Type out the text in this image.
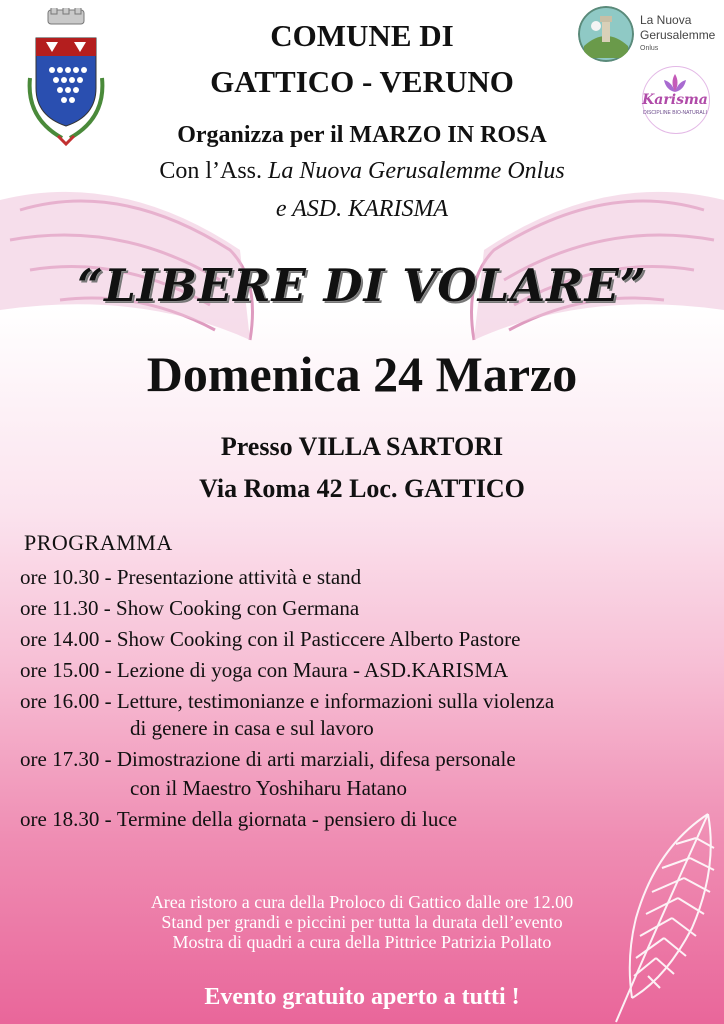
La Nuova
Gerusalemme
Onlus
Karisma
DISCIPLINE BIO-NATURALI
COMUNE DI
GATTICO - VERUNO
Organizza per il MARZO IN ROSA
Con l’Ass. La Nuova Gerusalemme Onlus
e ASD. KARISMA
“LIBERE DI VOLARE”
Domenica 24 Marzo
Presso VILLA SARTORI
Via Roma 42 Loc. GATTICO
PROGRAMMA
ore 10.30 - Presentazione attività e stand
ore 11.30 - Show Cooking con Germana
ore 14.00 - Show Cooking con il Pasticcere Alberto Pastore
ore 15.00 - Lezione di yoga con Maura - ASD.KARISMA
ore 16.00 - Letture, testimonianze e informazioni sulla violenza
di genere in casa e sul lavoro
ore 17.30 - Dimostrazione di arti marziali, difesa personale
con il Maestro Yoshiharu Hatano
ore 18.30 - Termine della giornata - pensiero di luce
Area ristoro a cura della Proloco di Gattico dalle ore 12.00
Stand per grandi e piccini per tutta la durata dell’evento
Mostra di quadri a cura della Pittrice Patrizia Pollato
Evento gratuito aperto a tutti !
